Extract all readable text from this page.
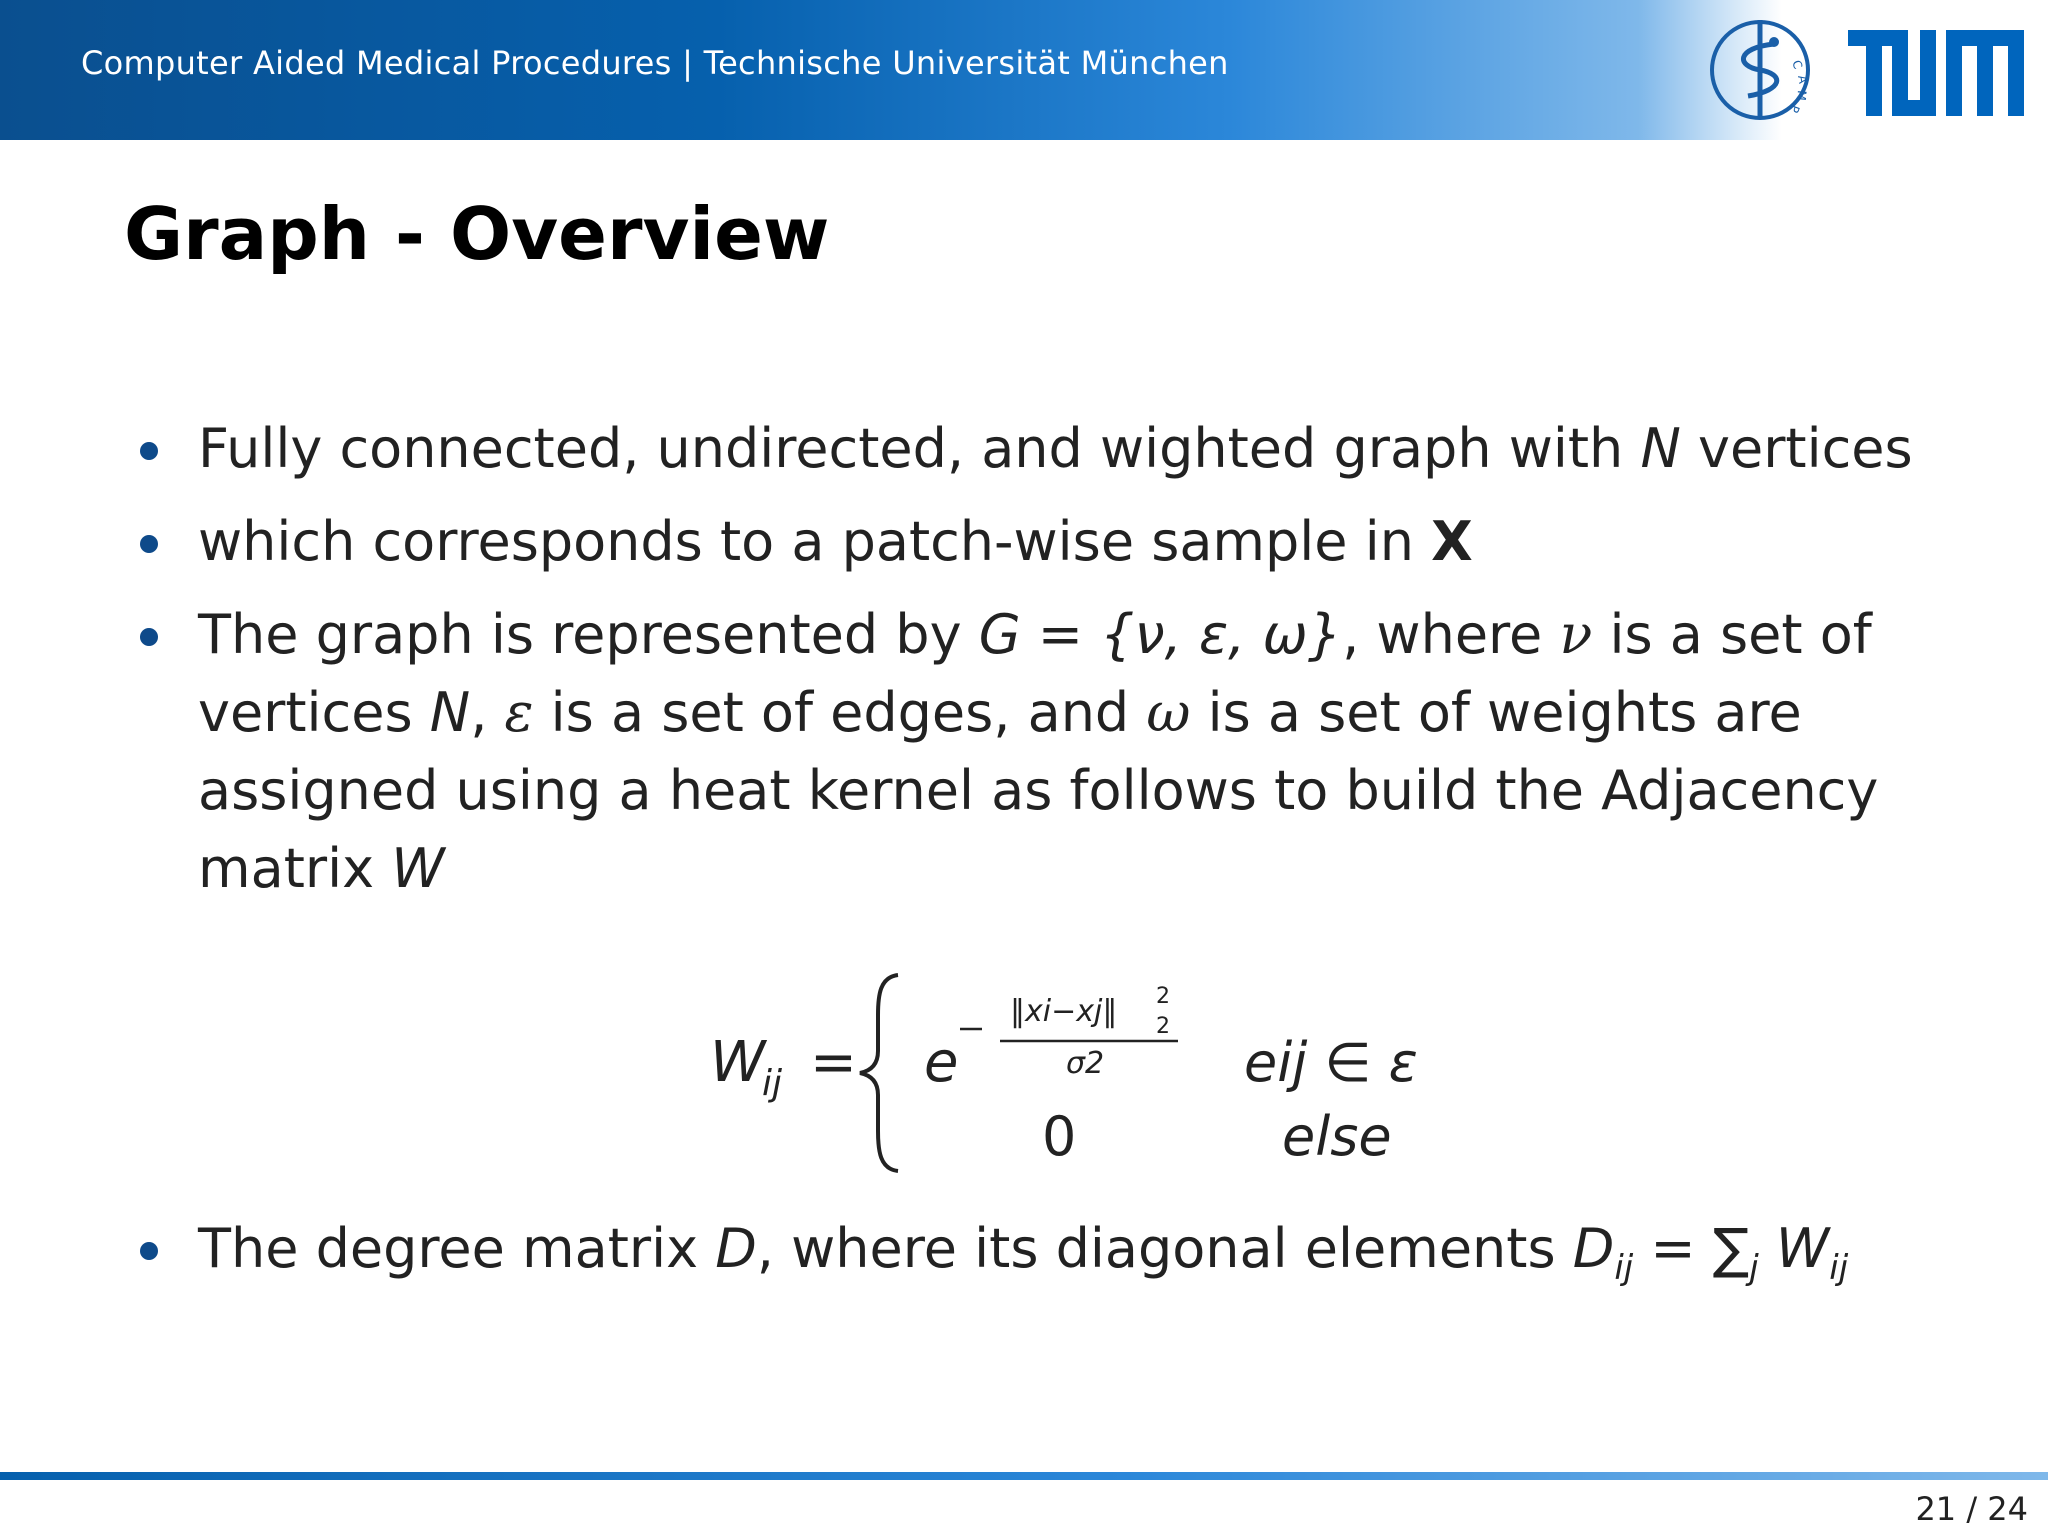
Computer Aided Medical Procedures | Technische Universität München	C
A
M
P
Graph - Overview
Fully connected, undirected, and wighted graph with N vertices
which corresponds to a patch-wise sample in X
The graph is represented by G = {ν, ε, ω}, where ν is a set of
vertices N, ε is a set of edges, and ω is a set of weights are
assigned using a heat kernel as follows to build the Adjacency
matrix W
W
ij = e
‖xi−xj‖ 2
2
σ2	eij ∈ ε
0	else
The degree matrix D, where its diagonal elements $D_{ij} = \sum_j$ $W_{ij}$
21 / 24
